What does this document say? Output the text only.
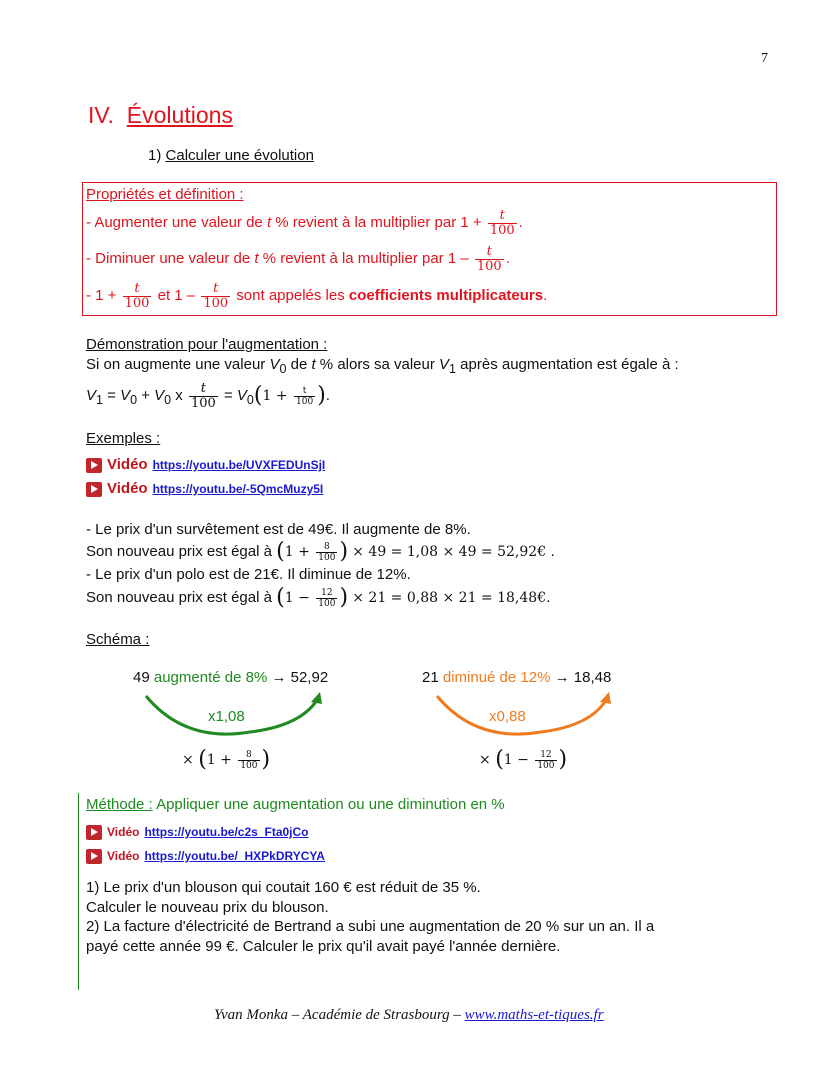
7
IV. Évolutions
1) Calculer une évolution
Propriétés et définition :
- Augmenter une valeur de t % revient à la multiplier par $1 + \frac{t}{100}$ .
- Diminuer une valeur de t % revient à la multiplier par $1 - \frac{t}{100}$ .
- $1 + \frac{t}{100}$ et $1 - \frac{t}{100}$ sont appelés les coefficients multiplicateurs.
Démonstration pour l'augmentation :
Si on augmente une valeur $V_0$ de t % alors sa valeur $V_1$ après augmentation est égale à :
$V_1 = V_0 + V_0$ x $\frac{t}{100} = V_0(1 + \frac{t}{100}$ ).
Exemples :
Vidéo https://youtu.be/UVXFEDUnSjI
Vidéo https://youtu.be/-5QmcMuzy5I
- Le prix d'un survêtement est de 49€. Il augmente de 8%.
Son nouveau prix est égal à ($1 + \frac{8}{100}$ ) × 49 = 1,08 × 49 = 52,92€ .
- Le prix d'un polo est de 21€. Il diminue de 12%.
Son nouveau prix est égal à ($1 - \frac{12}{100}$ ) × 21 = 0,88 × 21 = 18,48€.
Schéma :
49 augmenté de 8% → 52,92	21 diminué de 12% → 18,48
x1,08	x0,88
× ($1 + \frac{8}{100}$ )	× ($1 - \frac{12}{100}$ )
Méthode : Appliquer une augmentation ou une diminution en %
Vidéo https://youtu.be/c2s_Fta0jCo
Vidéo https://youtu.be/_HXPkDRYCYA
1) Le prix d'un blouson qui coutait 160 € est réduit de 35 %.
Calculer le nouveau prix du blouson.
2) La facture d'électricité de Bertrand a subi une augmentation de 20 % sur un an. Il a
payé cette année 99 €. Calculer le prix qu'il avait payé l'année dernière.
Yvan Monka – Académie de Strasbourg – www.maths-et-tiques.fr
